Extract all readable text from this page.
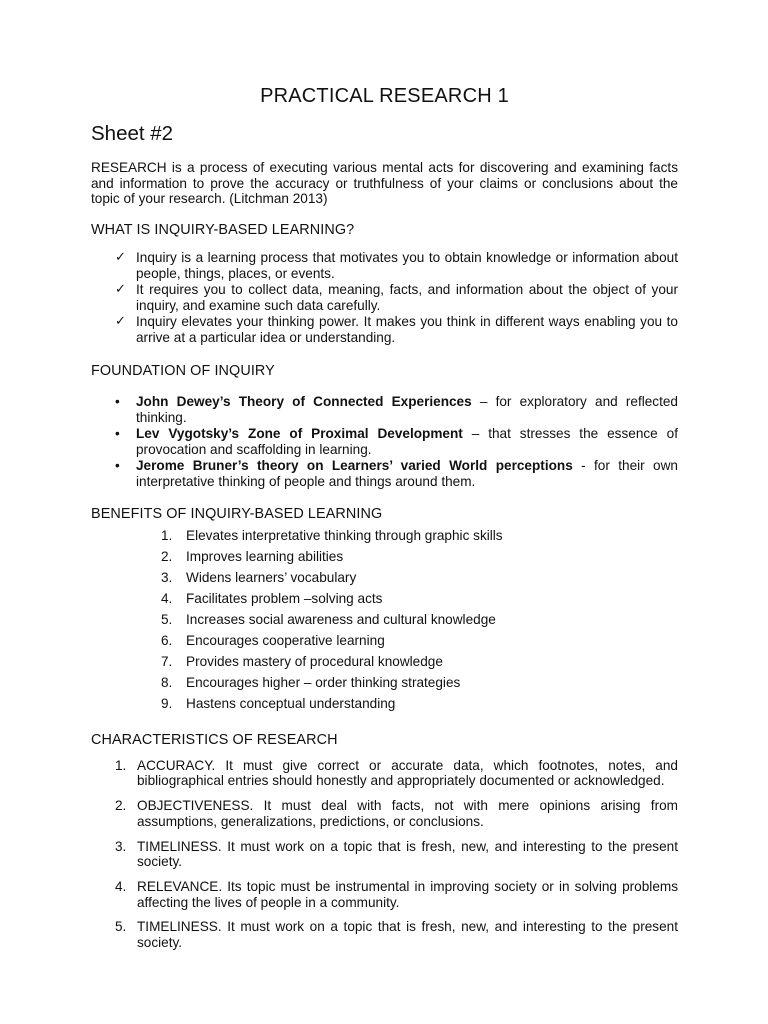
PRACTICAL RESEARCH 1
Sheet #2

RESEARCH is a process of executing various mental acts for discovering and examining facts and information to prove the accuracy or truthfulness of your claims or conclusions about the topic of your research. (Litchman 2013)

WHAT IS INQUIRY-BASED LEARNING?
✓ Inquiry is a learning process that motivates you to obtain knowledge or information about people, things, places, or events.
✓ It requires you to collect data, meaning, facts, and information about the object of your inquiry, and examine such data carefully.
✓ Inquiry elevates your thinking power. It makes you think in different ways enabling you to arrive at a particular idea or understanding.
FOUNDATION OF INQUIRY
• John Dewey’s Theory of Connected Experiences – for exploratory and reflected thinking.
• Lev Vygotsky’s Zone of Proximal Development – that stresses the essence of provocation and scaffolding in learning.
• Jerome Bruner’s theory on Learners’ varied World perceptions - for their own interpretative thinking of people and things around them.
BENEFITS OF INQUIRY-BASED LEARNING
1.	Elevates interpretative thinking through graphic skills
2.	Improves learning abilities
3.	Widens learners’ vocabulary
4.	Facilitates problem –solving acts
5.	Increases social awareness and cultural knowledge
6.	Encourages cooperative learning
7.	Provides mastery of procedural knowledge
8.	Encourages higher – order thinking strategies
9.	Hastens conceptual understanding
CHARACTERISTICS OF RESEARCH
1. ACCURACY. It must give correct or accurate data, which footnotes, notes, and bibliographical entries should honestly and appropriately documented or acknowledged.
2. OBJECTIVENESS. It must deal with facts, not with mere opinions arising from assumptions, generalizations, predictions, or conclusions.
3. TIMELINESS. It must work on a topic that is fresh, new, and interesting to the present society.
4. RELEVANCE. Its topic must be instrumental in improving society or in solving problems affecting the lives of people in a community.
5. TIMELINESS. It must work on a topic that is fresh, new, and interesting to the present society.
